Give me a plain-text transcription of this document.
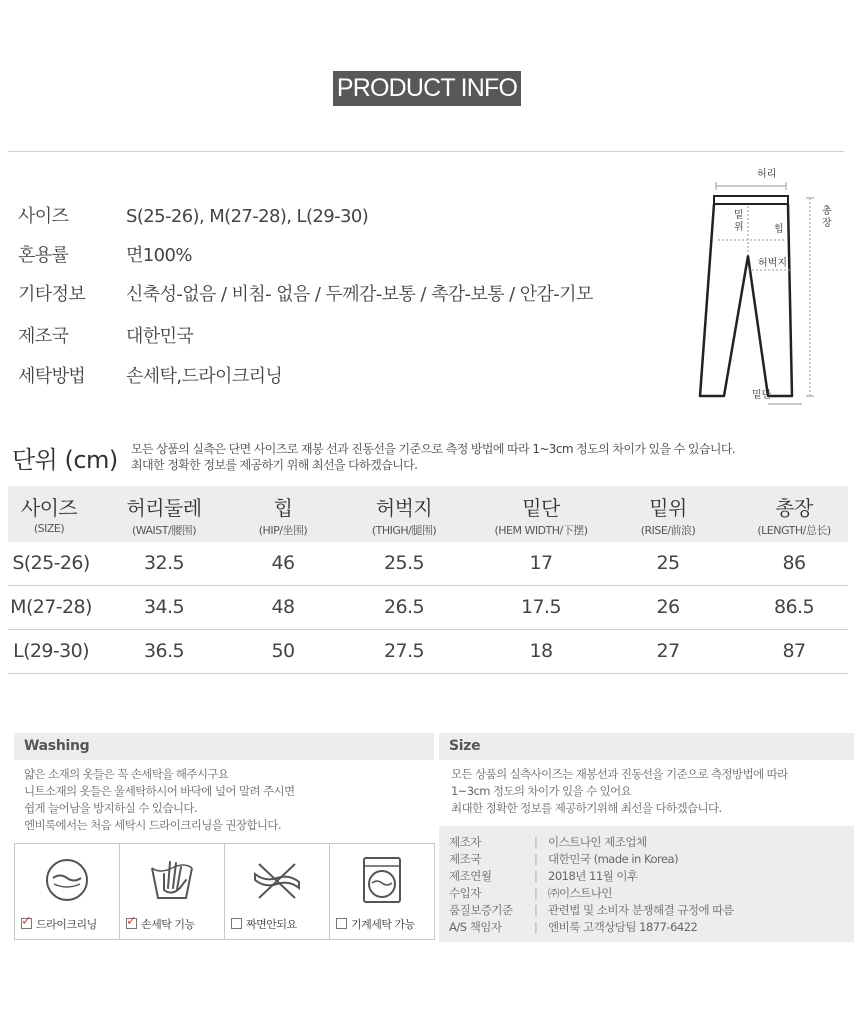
PRODUCT INFO
사이즈	S(25-26), M(27-28), L(29-30)
혼용률	면100%
기타정보 신축성-없음 / 비침- 없음 / 두께감-보통 / 촉감-보통 / 안감-기모
제조국	대한민국
세탁방법 손세탁,드라이크리닝
허리
밑
위	힙
허벅지
밑단
총
장
단위 (cm) 모든 상품의 실측은 단면 사이즈로 재봉 선과 진동선을 기준으로 측정 방법에 따라 1~3cm 정도의 차이가 있을 수 있습니다.
최대한 정확한 정보를 제공하기 위해 최선을 다하겠습니다.
사이즈
(SIZE)
허리둘레
(WAIST/腰围)
힙
(HIP/坐围)
허벅지
(THIGH/腿围)
밑단
(HEM WIDTH/下摆)
밑위
(RISE/前浪)
총장
(LENGTH/总长)
S(25-26)	32.5	46	25.5	17	25	86
M(27-28)	34.5	48	26.5	17.5	26	86.5
L(29-30)	36.5	50	27.5	18	27	87
Washing
얇은 소재의 옷들은 꼭 손세탁을 해주시구요
니트소재의 옷들은 울세탁하시어 바닥에 널어 말려 주시면
쉽게 늘어남을 방지하실 수 있습니다.
엔비룩에서는 처음 세탁시 드라이크리닝을 권장합니다.
✓드라이크리닝
✓	손세탁 기능	짜면안되요	기계세탁 가능
Size
모든 상품의 실측사이즈는 재봉선과 진동선을 기준으로 측정방법에 따라
1~3cm 정도의 차이가 있을 수 있어요
최대한 정확한 정보를 제공하기위해 최선을 다하겠습니다.
제조자	| 이스트나인 제조업체
제조국	| 대한민국 (made in Korea)
제조연월	| 2018년 11월 이후
수입자	| ㈜이스트나인
품질보증기준 | 관련법 및 소비자 분쟁해결 규정에 따름
A/S 책임자	| 엔비룩 고객상담팀 1877-6422
